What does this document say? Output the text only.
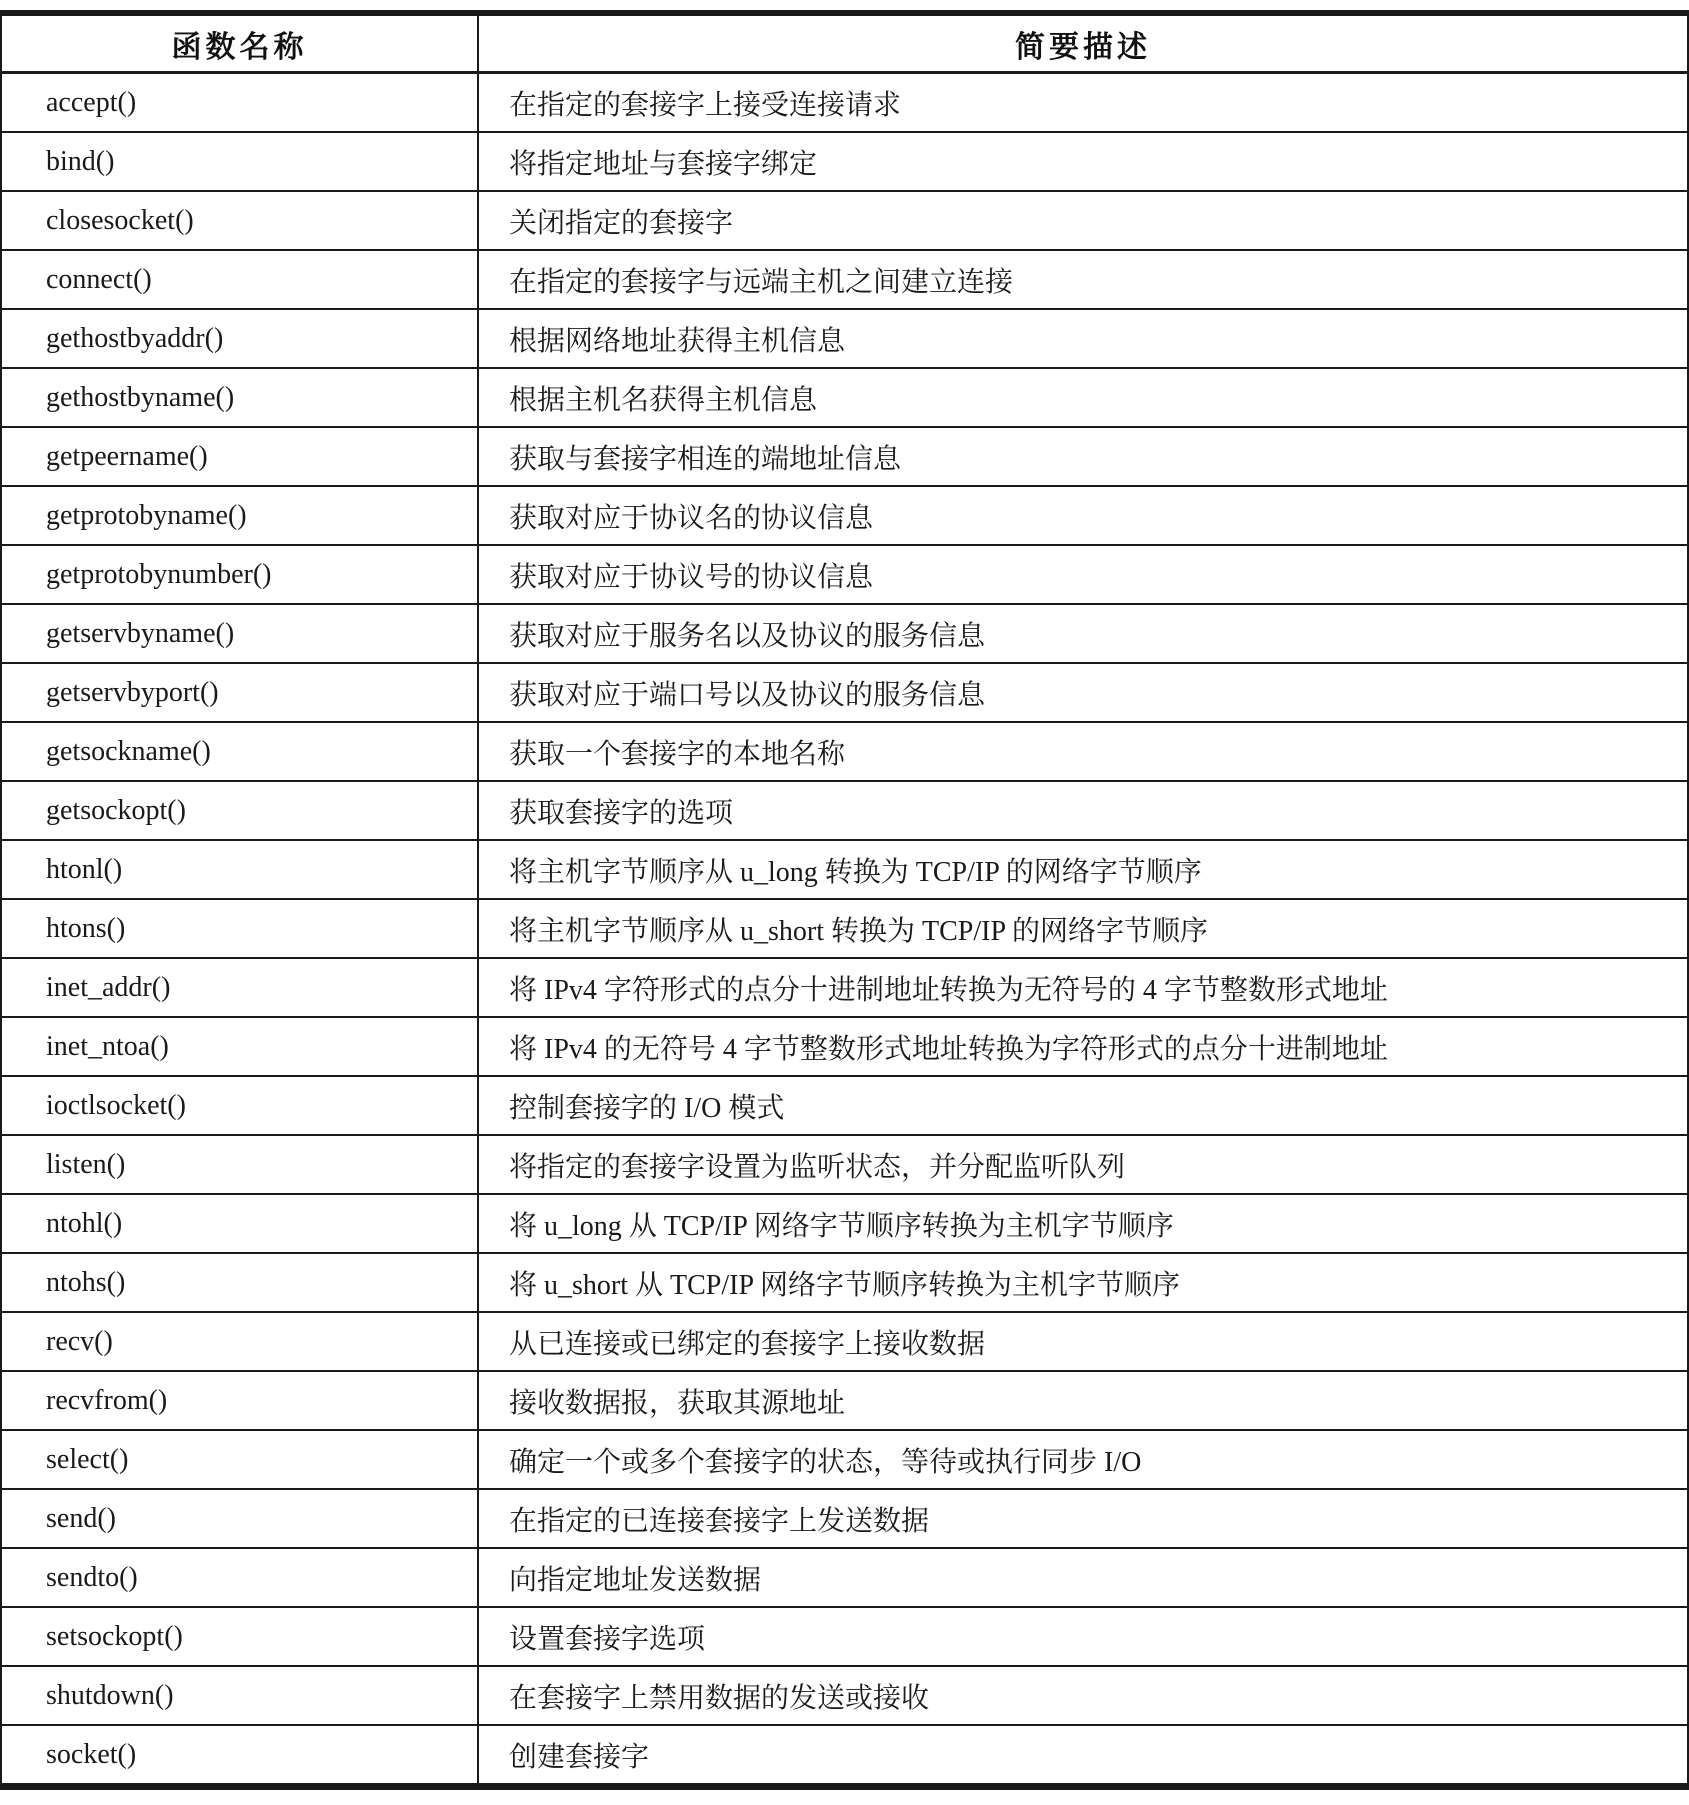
函数名称	简要描述
accept()	在指定的套接字上接受连接请求
bind()	将指定地址与套接字绑定
closesocket()	关闭指定的套接字
connect()	在指定的套接字与远端主机之间建立连接
gethostbyaddr()	根据网络地址获得主机信息
gethostbyname()	根据主机名获得主机信息
getpeername()	获取与套接字相连的端地址信息
getprotobyname()	获取对应于协议名的协议信息
getprotobynumber()	获取对应于协议号的协议信息
getservbyname()	获取对应于服务名以及协议的服务信息
getservbyport()	获取对应于端口号以及协议的服务信息
getsockname()	获取一个套接字的本地名称
getsockopt()	获取套接字的选项
htonl()	将主机字节顺序从 u_long 转换为 TCP/IP 的网络字节顺序
htons()	将主机字节顺序从 u_short 转换为 TCP/IP 的网络字节顺序
inet_addr()	将 IPv4 字符形式的点分十进制地址转换为无符号的 4 字节整数形式地址
inet_ntoa()	将 IPv4 的无符号 4 字节整数形式地址转换为字符形式的点分十进制地址
ioctlsocket()	控制套接字的 I/O 模式
listen()	将指定的套接字设置为监听状态，并分配监听队列
ntohl()	将 u_long 从 TCP/IP 网络字节顺序转换为主机字节顺序
ntohs()	将 u_short 从 TCP/IP 网络字节顺序转换为主机字节顺序
recv()	从已连接或已绑定的套接字上接收数据
recvfrom()	接收数据报，获取其源地址
select()	确定一个或多个套接字的状态，等待或执行同步 I/O
send()	在指定的已连接套接字上发送数据
sendto()	向指定地址发送数据
setsockopt()	设置套接字选项
shutdown()	在套接字上禁用数据的发送或接收
socket()	创建套接字
